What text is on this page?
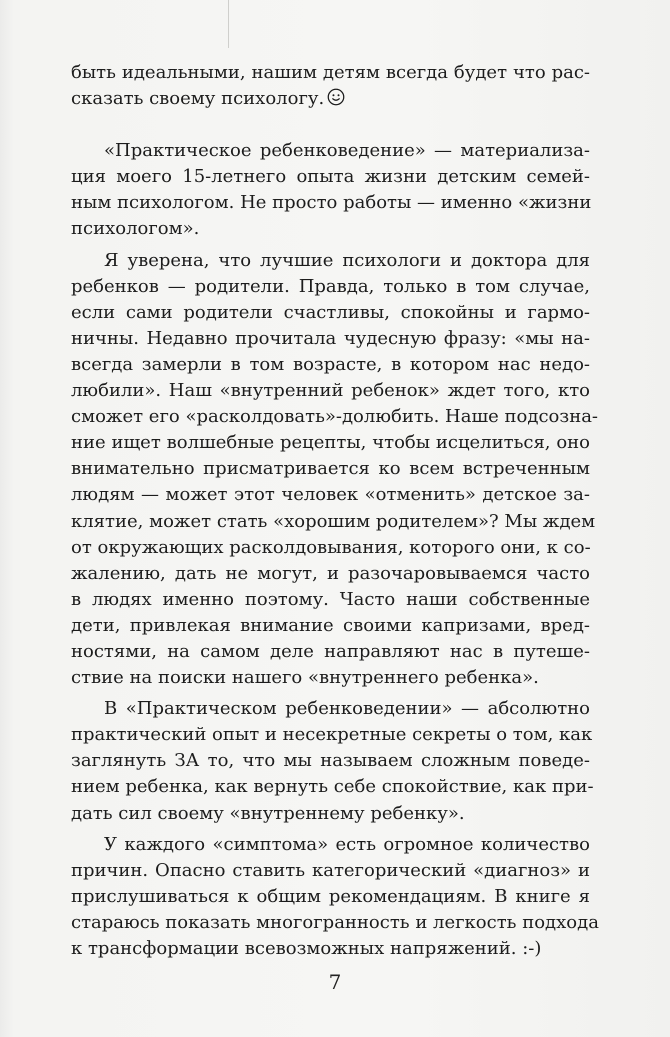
быть идеальными, нашим детям всегда будет что рас-
сказать своему психологу.

«Практическое ребенковедение» — материализа-
ция моего 15-летнего опыта жизни детским семей-
ным психологом. Не просто работы — именно «жизни
психологом».

Я уверена, что лучшие психологи и доктора для
ребенков — родители. Правда, только в том случае,
если сами родители счастливы, спокойны и гармо-
ничны. Недавно прочитала чудесную фразу: «мы на-
всегда замерли в том возрасте, в котором нас недо-
любили». Наш «внутренний ребенок» ждет того, кто
сможет его «расколдовать»-долюбить. Наше подсозна-
ние ищет волшебные рецепты, чтобы исцелиться, оно
внимательно присматривается ко всем встреченным
людям — может этот человек «отменить» детское за-
клятие, может стать «хорошим родителем»? Мы ждем
от окружающих расколдовывания, которого они, к со-
жалению, дать не могут, и разочаровываемся часто
в людях именно поэтому. Часто наши собственные
дети, привлекая внимание своими капризами, вред-
ностями, на самом деле направляют нас в путеше-
ствие на поиски нашего «внутреннего ребенка».

В «Практическом ребенковедении» — абсолютно
практический опыт и несекретные секреты о том, как
заглянуть ЗА то, что мы называем сложным поведе-
нием ребенка, как вернуть себе спокойствие, как при-
дать сил своему «внутреннему ребенку».

У каждого «симптома» есть огромное количество
причин. Опасно ставить категорический «диагноз» и
прислушиваться к общим рекомендациям. В книге я
стараюсь показать многогранность и легкость подхода
к трансформации всевозможных напряжений. :-)

7
